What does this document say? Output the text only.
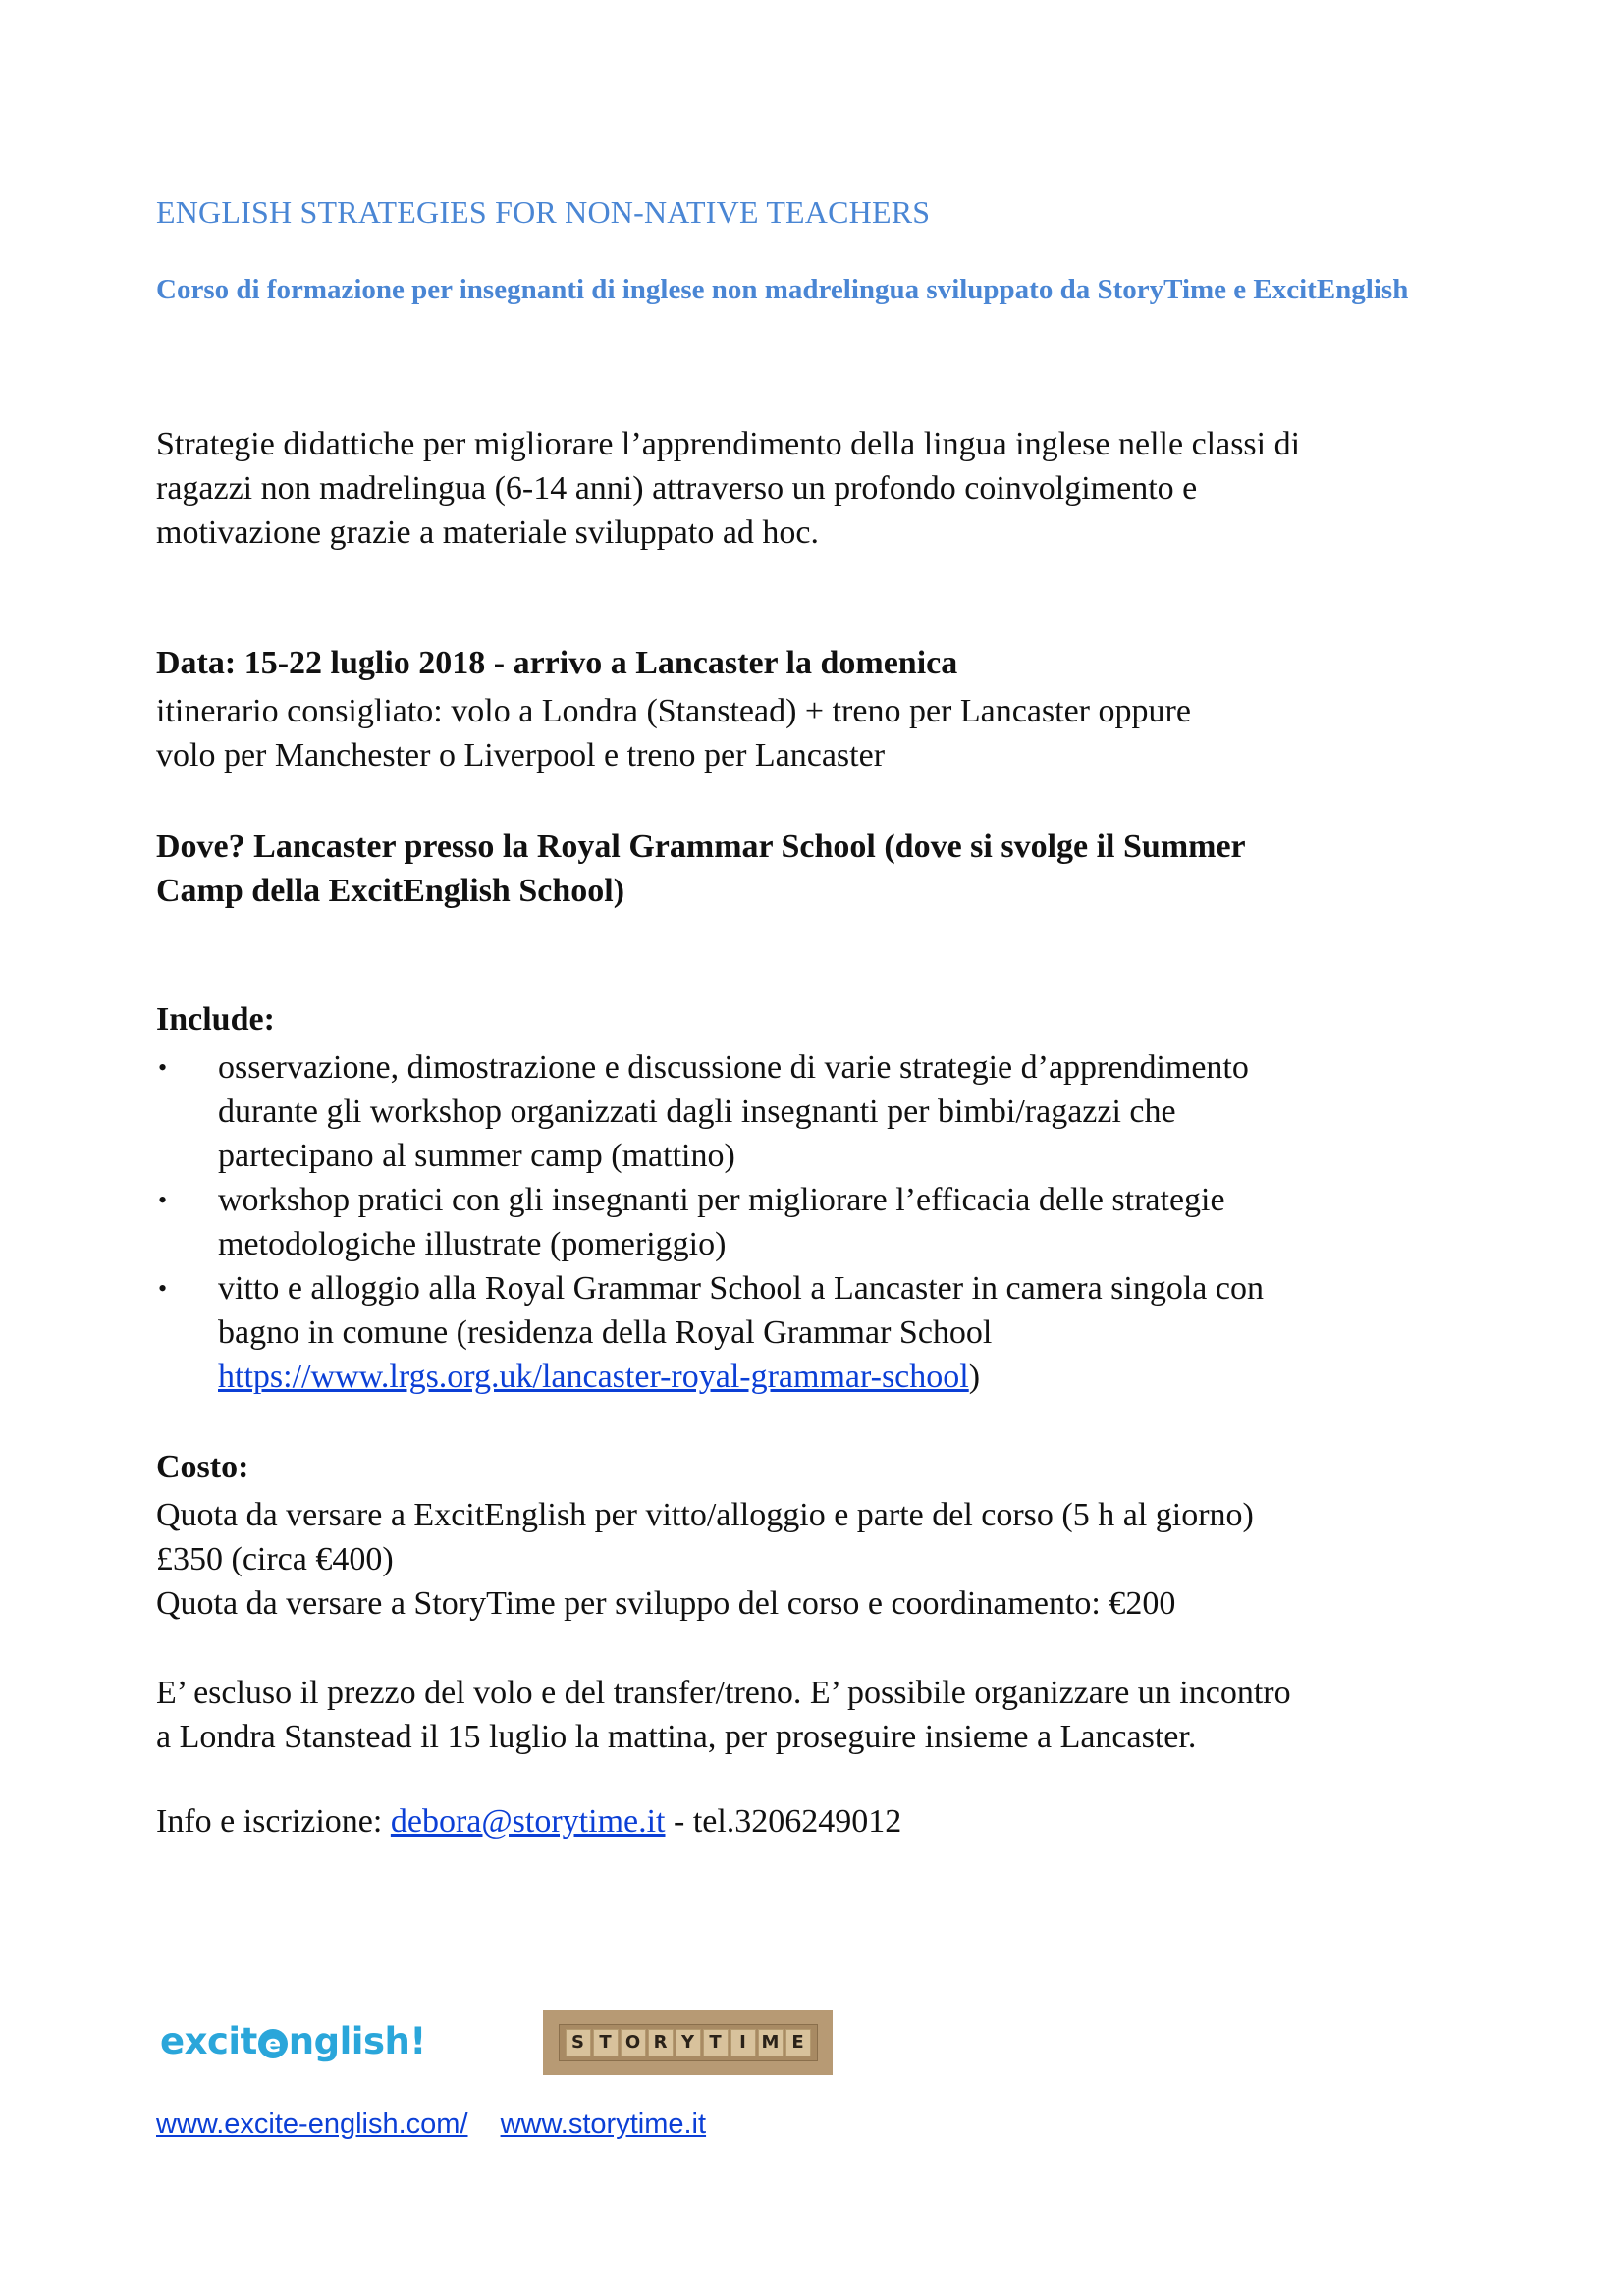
ENGLISH STRATEGIES FOR NON-NATIVE TEACHERS
Corso di formazione per insegnanti di inglese non madrelingua sviluppato da StoryTime e ExcitEnglish
Strategie didattiche per migliorare l’apprendimento della lingua inglese nelle classi di
ragazzi non madrelingua (6-14 anni) attraverso un profondo coinvolgimento e
motivazione grazie a materiale sviluppato ad hoc.
Data: 15-22 luglio 2018 - arrivo a Lancaster la domenica
itinerario consigliato: volo a Londra (Stanstead) + treno per Lancaster oppure
volo per Manchester o Liverpool e treno per Lancaster
Dove? Lancaster presso la Royal Grammar School (dove si svolge il Summer
Camp della ExcitEnglish School)
Include:
• osservazione, dimostrazione e discussione di varie strategie d’apprendimento
durante gli workshop organizzati dagli insegnanti per bimbi/ragazzi che
partecipano al summer camp (mattino)
• workshop pratici con gli insegnanti per migliorare l’efficacia delle strategie
metodologiche illustrate (pomeriggio)
• vitto e alloggio alla Royal Grammar School a Lancaster in camera singola con
bagno in comune (residenza della Royal Grammar School
https://www.lrgs.org.uk/lancaster-royal-grammar-school)
Costo:
Quota da versare a ExcitEnglish per vitto/alloggio e parte del corso (5 h al giorno)
£350 (circa €400)
Quota da versare a StoryTime per sviluppo del corso e coordinamento: €200
E’ escluso il prezzo del volo e del transfer/treno. E’ possibile organizzare un incontro
a Londra Stanstead il 15 luglio la mattina, per proseguire insieme a Lancaster.
Info e iscrizione: debora@storytime.it - tel.3206249012
excit e nglish!	S T O R Y T	I M E
www.excite-english.com/ www.storytime.it
